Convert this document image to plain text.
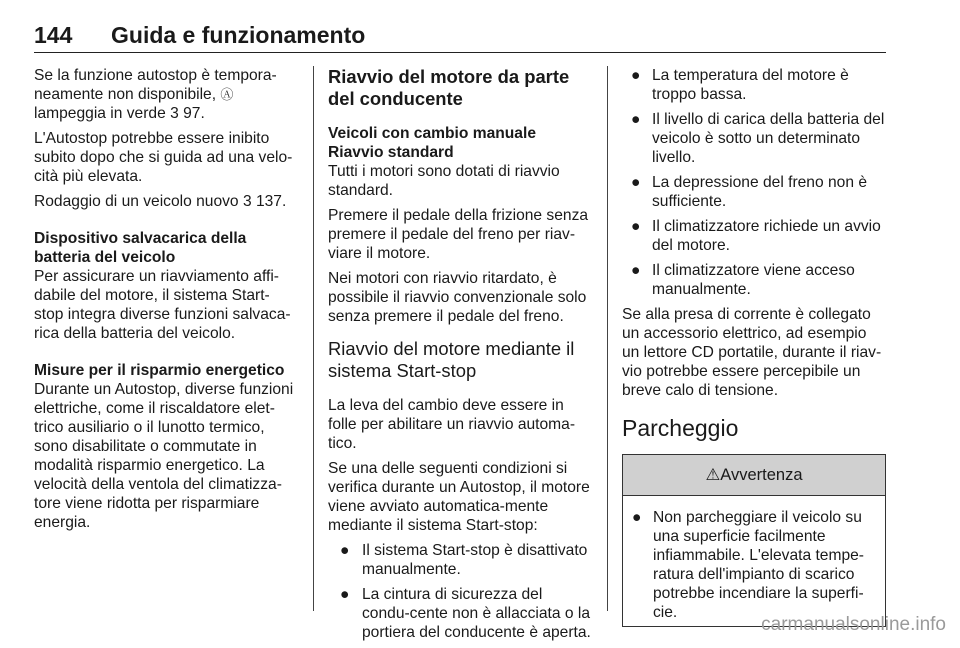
144 Guida e funzionamento

Se la funzione autostop è tempora-neamente non disponibile, Ⓐ lampeggia in verde 3 97.

L'Autostop potrebbe essere inibito subito dopo che si guida ad una velo-cità più elevata.

Rodaggio di un veicolo nuovo 3 137.

Dispositivo salvacarica della batteria del veicolo

Per assicurare un riavviamento affi-dabile del motore, il sistema Start-stop integra diverse funzioni salvaca-rica della batteria del veicolo.

Misure per il risparmio energetico

Durante un Autostop, diverse funzioni elettriche, come il riscaldatore elet-trico ausiliario o il lunotto termico, sono disabilitate o commutate in modalità risparmio energetico. La velocità della ventola del climatizza-tore viene ridotta per risparmiare energia.

Riavvio del motore da parte del conducente

Veicoli con cambio manuale

Riavvio standard

Tutti i motori sono dotati di riavvio standard.

Premere il pedale della frizione senza premere il pedale del freno per riav-viare il motore.

Nei motori con riavvio ritardato, è possibile il riavvio convenzionale solo senza premere il pedale del freno.

Riavvio del motore mediante il sistema Start-stop

La leva del cambio deve essere in folle per abilitare un riavvio automa-tico.

Se una delle seguenti condizioni si verifica durante un Autostop, il motore viene avviato automatica-mente mediante il sistema Start-stop:

● Il sistema Start-stop è disattivato manualmente.
● La cintura di sicurezza del condu-cente non è allacciata o la portiera del conducente è aperta.
● La temperatura del motore è troppo bassa.
● Il livello di carica della batteria del veicolo è sotto un determinato livello.
● La depressione del freno non è sufficiente.
● Il climatizzatore richiede un avvio del motore.
● Il climatizzatore viene acceso manualmente.

Se alla presa di corrente è collegato un accessorio elettrico, ad esempio un lettore CD portatile, durante il riav-vio potrebbe essere percepibile un breve calo di tensione.

Parcheggio
⚠Avvertenza
● Non parcheggiare il veicolo su una superficie facilmente infiammabile. L'elevata tempe-ratura dell'impianto di scarico potrebbe incendiare la superfi-cie.
carmanualsonline.info
